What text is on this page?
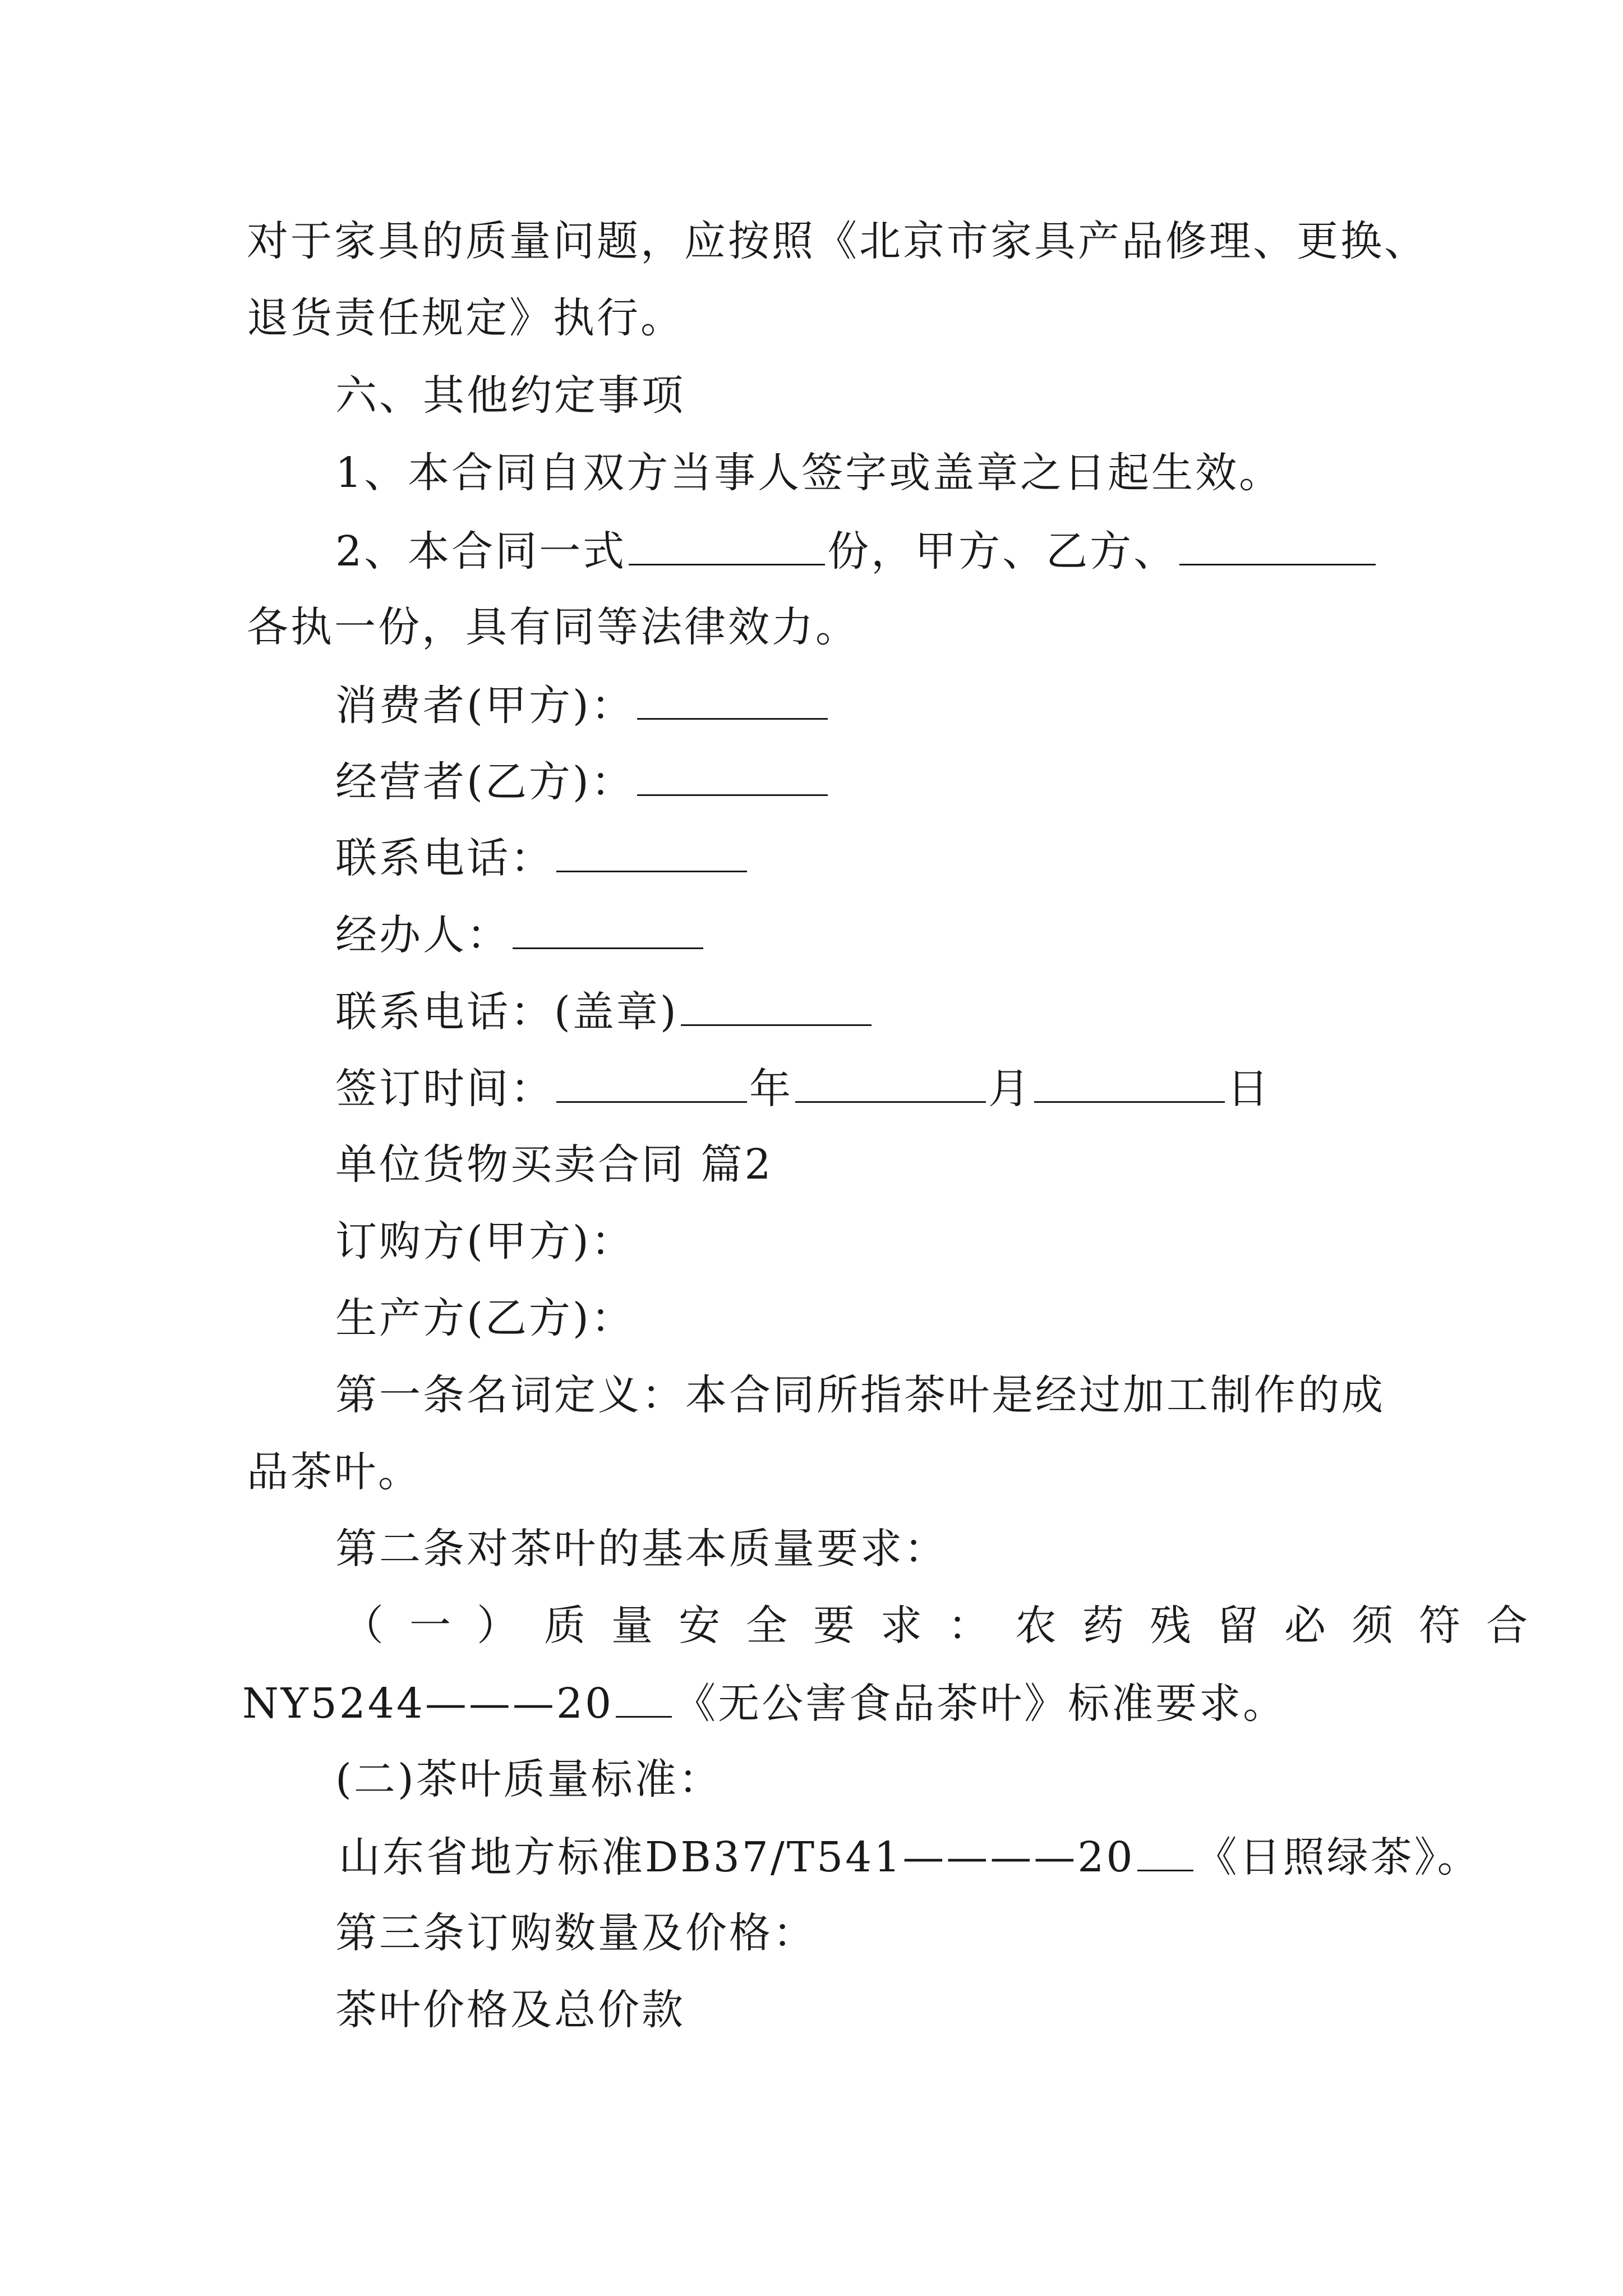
对于家具的质量问题，应按照《北京市家具产品修理、更换、
退货责任规定》执行。
六、其他约定事项
1、本合同自双方当事人签字或盖章之日起生效。
2、本合同一式	份，甲方、乙方、
各执一份，具有同等法律效力。
消费者(甲方)：
经营者(乙方)：
联系电话：
经办人：
联系电话：(盖章)
签订时间：	年	月	日
单位货物买卖合同 篇2
订购方(甲方)：
生产方(乙方)：
第一条名词定义：本合同所指茶叶是经过加工制作的成
品茶叶。
第二条对茶叶的基本质量要求：
（一）质量安全要求：农药残留必须符合
NY5244———20 《无公害食品茶叶》标准要求。
(二)茶叶质量标准：
山东省地方标准DB37/T541————20 《日照绿茶》。
第三条订购数量及价格：
茶叶价格及总价款
